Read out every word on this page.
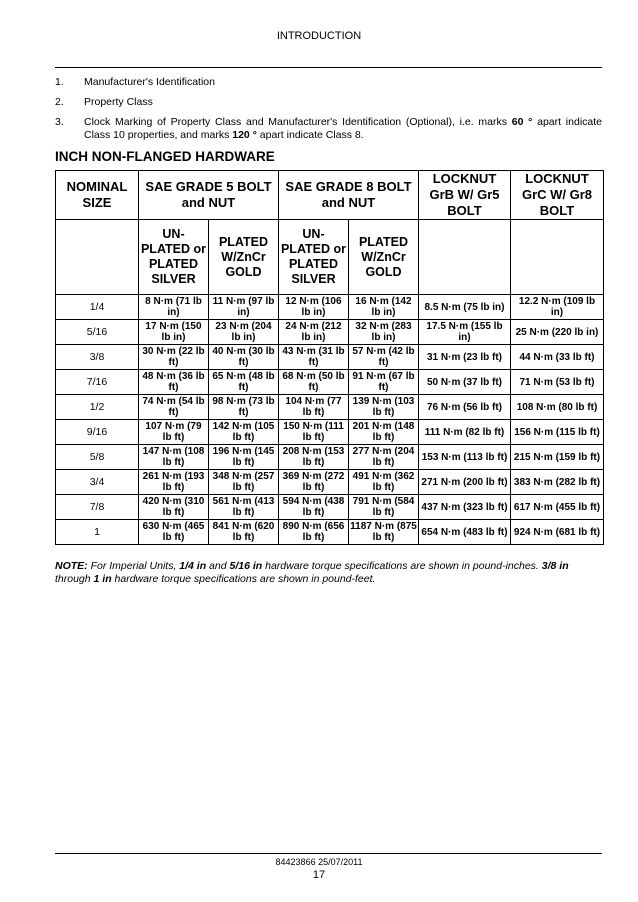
INTRODUCTION
1.	Manufacturer's Identification
2.	Property Class
3.	Clock Marking of Property Class and Manufacturer's Identification (Optional), i.e. marks 60 ° apart indicate Class 10 properties, and marks 120 ° apart indicate Class 8.
INCH NON-FLANGED HARDWARE
NOMINAL SIZE	SAE GRADE 5 BOLT and NUT		SAE GRADE 8 BOLT and NUT		LOCKNUT GrB W/ Gr5 BOLT	LOCKNUT GrC W/ Gr8 BOLT
	UN-PLATED or PLATED SILVER	PLATED W/ZnCr GOLD	UN-PLATED or PLATED SILVER	PLATED W/ZnCr GOLD		
1/4	8 N·m (71 lb in)	11 N·m (97 lb in)	12 N·m (106 lb in)	16 N·m (142 lb in)	8.5 N·m (75 lb in)	12.2 N·m (109 lb in)
5/16	17 N·m (150 lb in)	23 N·m (204 lb in)	24 N·m (212 lb in)	32 N·m (283 lb in)	17.5 N·m (155 lb in)	25 N·m (220 lb in)
3/8	30 N·m (22 lb ft)	40 N·m (30 lb ft)	43 N·m (31 lb ft)	57 N·m (42 lb ft)	31 N·m (23 lb ft)	44 N·m (33 lb ft)
7/16	48 N·m (36 lb ft)	65 N·m (48 lb ft)	68 N·m (50 lb ft)	91 N·m (67 lb ft)	50 N·m (37 lb ft)	71 N·m (53 lb ft)
1/2	74 N·m (54 lb ft)	98 N·m (73 lb ft)	104 N·m (77 lb ft)	139 N·m (103 lb ft)	76 N·m (56 lb ft)	108 N·m (80 lb ft)
9/16	107 N·m (79 lb ft)	142 N·m (105 lb ft)	150 N·m (111 lb ft)	201 N·m (148 lb ft)	111 N·m (82 lb ft)	156 N·m (115 lb ft)
5/8	147 N·m (108 lb ft)	196 N·m (145 lb ft)	208 N·m (153 lb ft)	277 N·m (204 lb ft)	153 N·m (113 lb ft)	215 N·m (159 lb ft)
3/4	261 N·m (193 lb ft)	348 N·m (257 lb ft)	369 N·m (272 lb ft)	491 N·m (362 lb ft)	271 N·m (200 lb ft)	383 N·m (282 lb ft)
7/8	420 N·m (310 lb ft)	561 N·m (413 lb ft)	594 N·m (438 lb ft)	791 N·m (584 lb ft)	437 N·m (323 lb ft)	617 N·m (455 lb ft)
1	630 N·m (465 lb ft)	841 N·m (620 lb ft)	890 N·m (656 lb ft)	1187 N·m (875 lb ft)	654 N·m (483 lb ft)	924 N·m (681 lb ft)
NOTE: For Imperial Units, 1/4 in and 5/16 in hardware torque specifications are shown in pound-inches. 3/8 in through 1 in hardware torque specifications are shown in pound-feet.
84423866 25/07/2011
17
